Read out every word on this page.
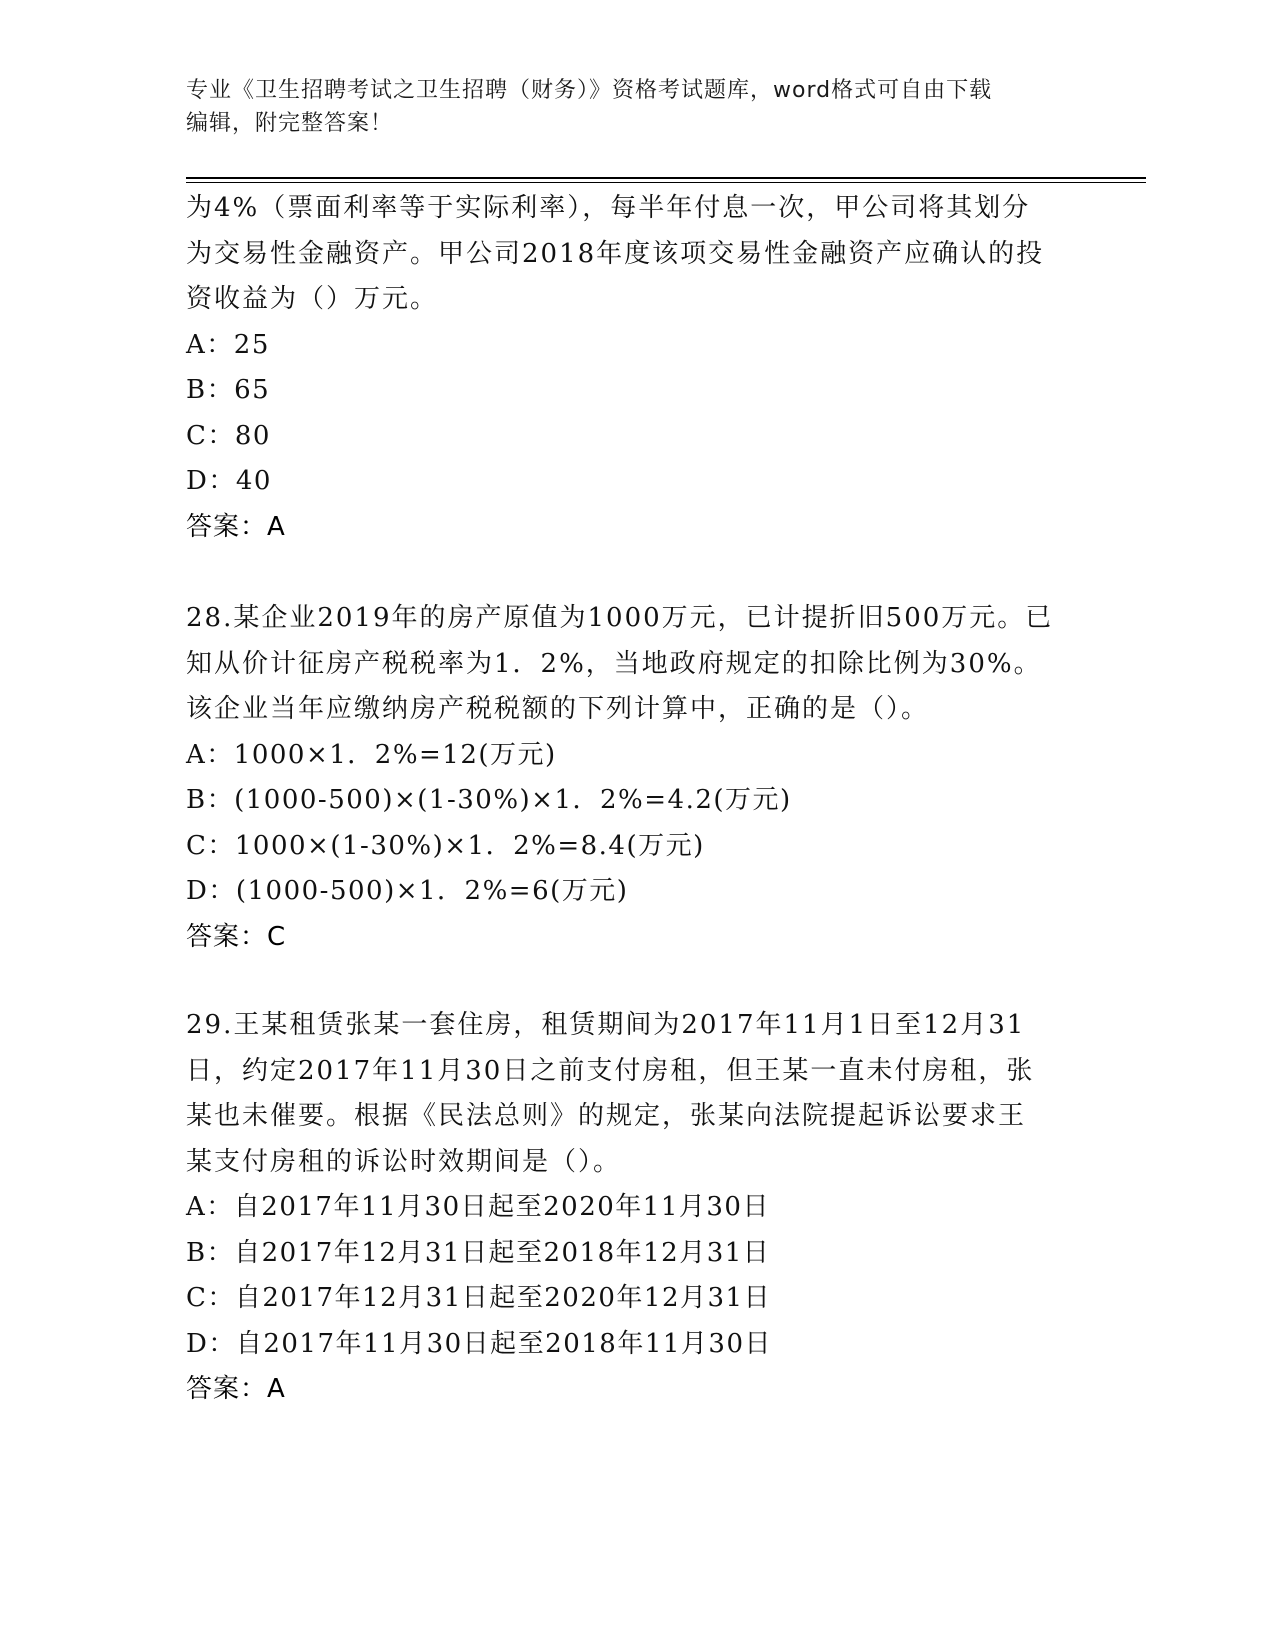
专业《卫生招聘考试之卫生招聘（财务）》资格考试题库，word格式可自由下载
编辑，附完整答案！
为4%（票面利率等于实际利率），每半年付息一次，甲公司将其划分
为交易性金融资产。甲公司2018年度该项交易性金融资产应确认的投
资收益为（）万元。
A：25
B：65
C：80
D：40
答案：A
28.某企业2019年的房产原值为1000万元，已计提折旧500万元。已
知从价计征房产税税率为1．2%，当地政府规定的扣除比例为30%。
该企业当年应缴纳房产税税额的下列计算中，正确的是（）。
A：1000×1．2%=12(万元)
B：(1000-500)×(1-30%)×1．2%=4.2(万元)
C：1000×(1-30%)×1．2%=8.4(万元)
D：(1000-500)×1．2%=6(万元)
答案：C
29.王某租赁张某一套住房，租赁期间为2017年11月1日至12月31
日，约定2017年11月30日之前支付房租，但王某一直未付房租，张
某也未催要。根据《民法总则》的规定，张某向法院提起诉讼要求王
某支付房租的诉讼时效期间是（）。
A：自2017年11月30日起至2020年11月30日
B：自2017年12月31日起至2018年12月31日
C：自2017年12月31日起至2020年12月31日
D：自2017年11月30日起至2018年11月30日
答案：A
